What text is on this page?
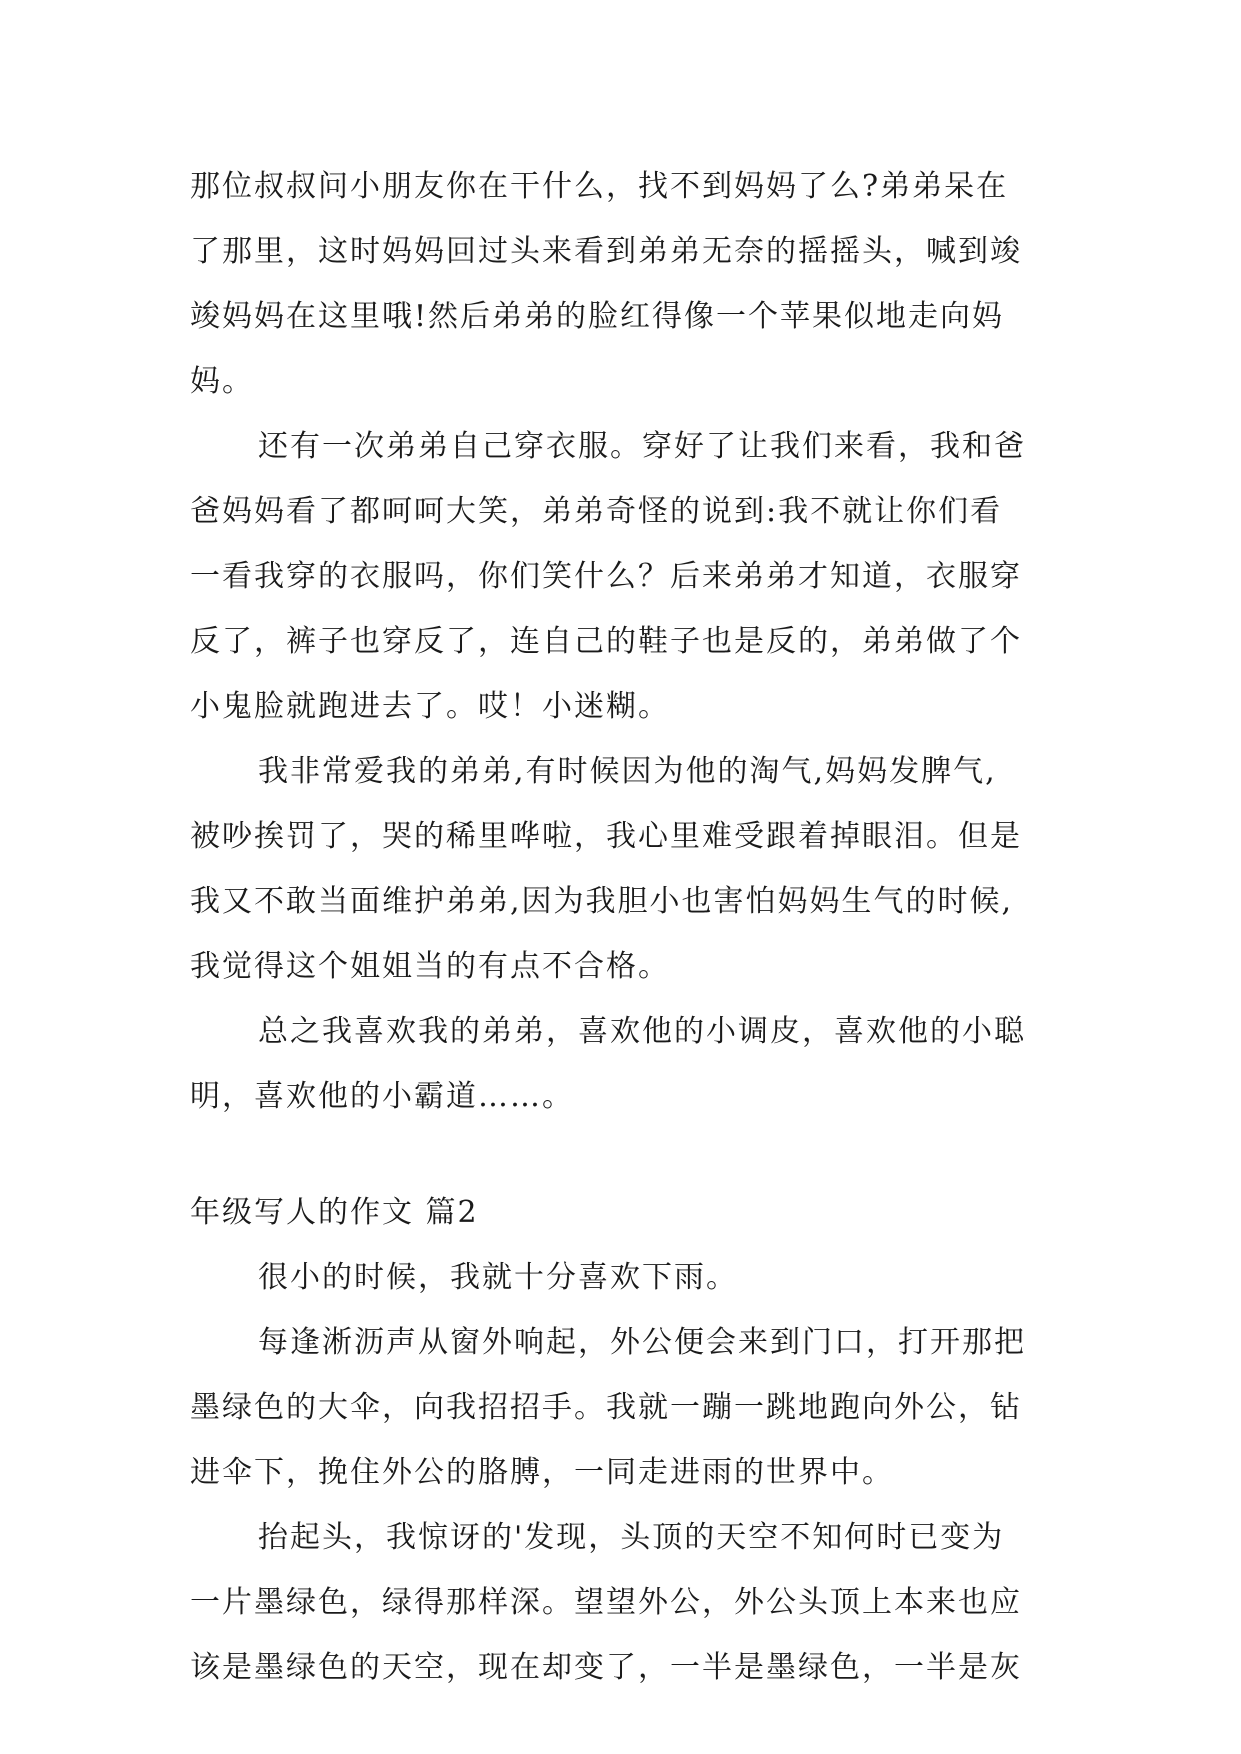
那位叔叔问小朋友你在干什么，找不到妈妈了么?弟弟呆在
了那里，这时妈妈回过头来看到弟弟无奈的摇摇头，喊到竣
竣妈妈在这里哦!然后弟弟的脸红得像一个苹果似地走向妈
妈。
还有一次弟弟自己穿衣服。穿好了让我们来看，我和爸
爸妈妈看了都呵呵大笑，弟弟奇怪的说到:我不就让你们看
一看我穿的衣服吗，你们笑什么？后来弟弟才知道，衣服穿
反了，裤子也穿反了，连自己的鞋子也是反的，弟弟做了个
小鬼脸就跑进去了。哎！小迷糊。
我非常爱我的弟弟,有时候因为他的淘气,妈妈发脾气,
被吵挨罚了，哭的稀里哗啦，我心里难受跟着掉眼泪。但是
我又不敢当面维护弟弟,因为我胆小也害怕妈妈生气的时候,
我觉得这个姐姐当的有点不合格。
总之我喜欢我的弟弟，喜欢他的小调皮，喜欢他的小聪
明，喜欢他的小霸道……。
年级写人的作文 篇2
很小的时候，我就十分喜欢下雨。
每逢淅沥声从窗外响起，外公便会来到门口，打开那把
墨绿色的大伞，向我招招手。我就一蹦一跳地跑向外公，钻
进伞下，挽住外公的胳膊，一同走进雨的世界中。
抬起头，我惊讶的'发现，头顶的天空不知何时已变为
一片墨绿色，绿得那样深。望望外公，外公头顶上本来也应
该是墨绿色的天空，现在却变了，一半是墨绿色，一半是灰
